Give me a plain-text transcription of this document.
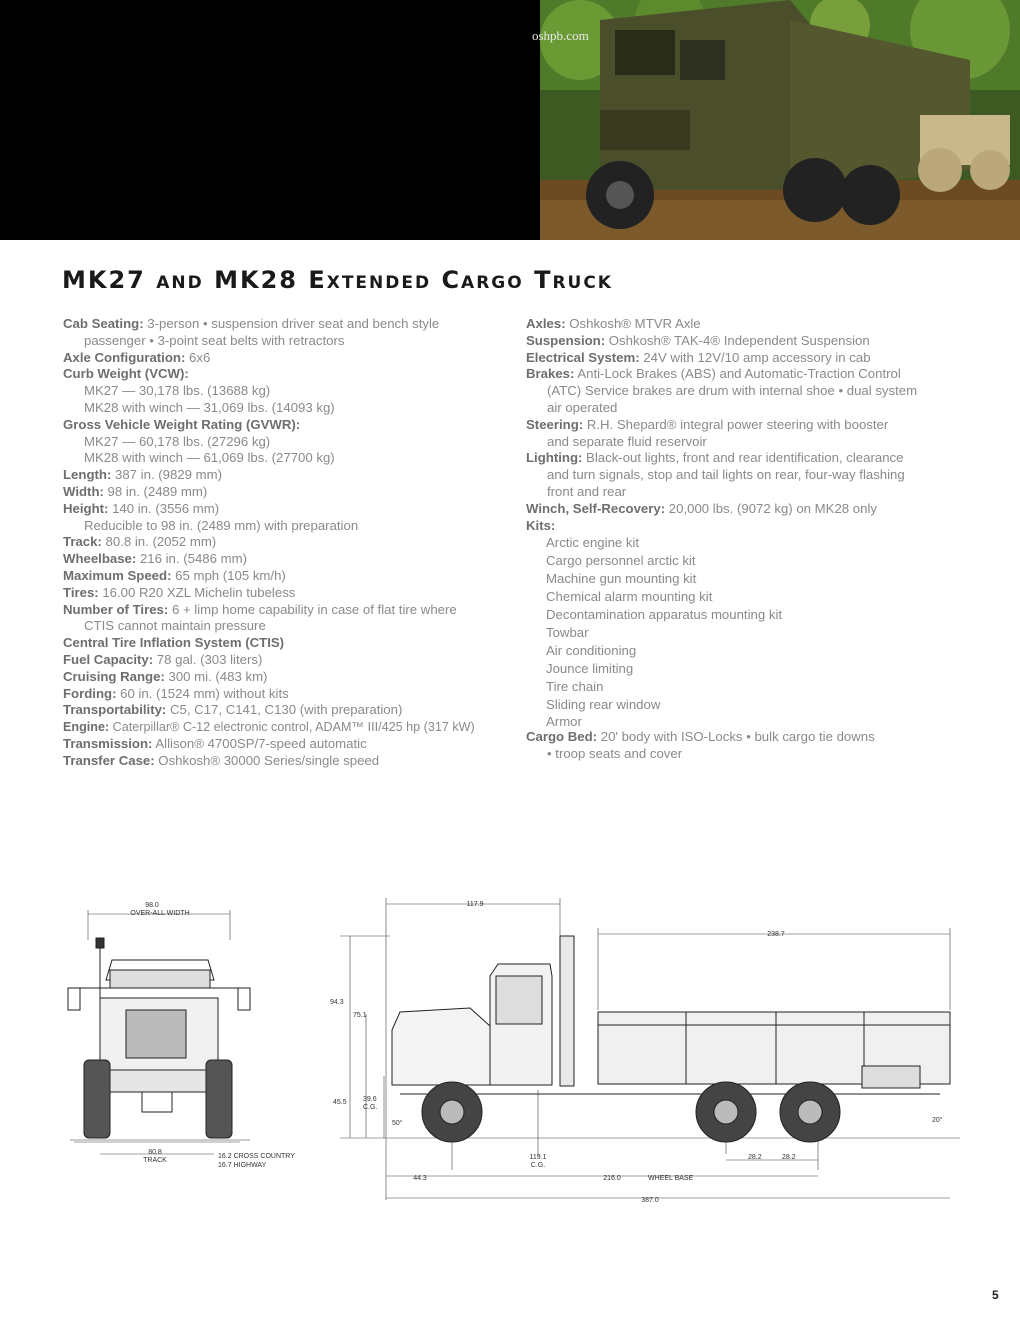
oshpb.com
MK27 and MK28 Extended Cargo Truck

Cab Seating: 3-person • suspension driver seat and bench style

passenger • 3-point seat belts with retractors

Axle Configuration: 6x6

Curb Weight (VCW):

MK27 — 30,178 lbs. (13688 kg)

MK28 with winch — 31,069 lbs. (14093 kg)

Gross Vehicle Weight Rating (GVWR):

MK27 — 60,178 lbs. (27296 kg)

MK28 with winch — 61,069 lbs. (27700 kg)

Length: 387 in. (9829 mm)

Width: 98 in. (2489 mm)

Height: 140 in. (3556 mm)

Reducible to 98 in. (2489 mm) with preparation

Track: 80.8 in. (2052 mm)

Wheelbase: 216 in. (5486 mm)

Maximum Speed: 65 mph (105 km/h)

Tires: 16.00 R20 XZL Michelin tubeless

Number of Tires: 6 + limp home capability in case of flat tire where

CTIS cannot maintain pressure

Central Tire Inflation System (CTIS)

Fuel Capacity: 78 gal. (303 liters)

Cruising Range: 300 mi. (483 km)

Fording: 60 in. (1524 mm) without kits

Transportability: C5, C17, C141, C130 (with preparation)

Engine: Caterpillar® C-12 electronic control, ADAM™ III/425 hp (317 kW)

Transmission: Allison® 4700SP/7-speed automatic

Transfer Case: Oshkosh® 30000 Series/single speed

Axles: Oshkosh® MTVR Axle

Suspension: Oshkosh® TAK-4® Independent Suspension

Electrical System: 24V with 12V/10 amp accessory in cab

Brakes: Anti-Lock Brakes (ABS) and Automatic-Traction Control

(ATC) Service brakes are drum with internal shoe • dual system

air operated

Steering: R.H. Shepard® integral power steering with booster

and separate fluid reservoir

Lighting: Black-out lights, front and rear identification, clearance

and turn signals, stop and tail lights on rear, four-way flashing

front and rear

Winch, Self-Recovery: 20,000 lbs. (9072 kg) on MK28 only

Kits:

Arctic engine kit

Cargo personnel arctic kit

Machine gun mounting kit

Chemical alarm mounting kit

Decontamination apparatus mounting kit

Towbar

Air conditioning

Jounce limiting

Tire chain

Sliding rear window

Armor

Cargo Bed: 20' body with ISO-Locks • bulk cargo tie downs

• troop seats and cover

98.0
OVER-ALL WIDTH
80.8
TRACK
16.2 CROSS COUNTRY
16.7 HIGHWAY
117.9
238.7
94.3
75.1
45.5 39.6
C.G.
50°	20°
119.1
C.G.
28.2	28.2
44.3	216.0	WHEEL BASE
387.0
5
